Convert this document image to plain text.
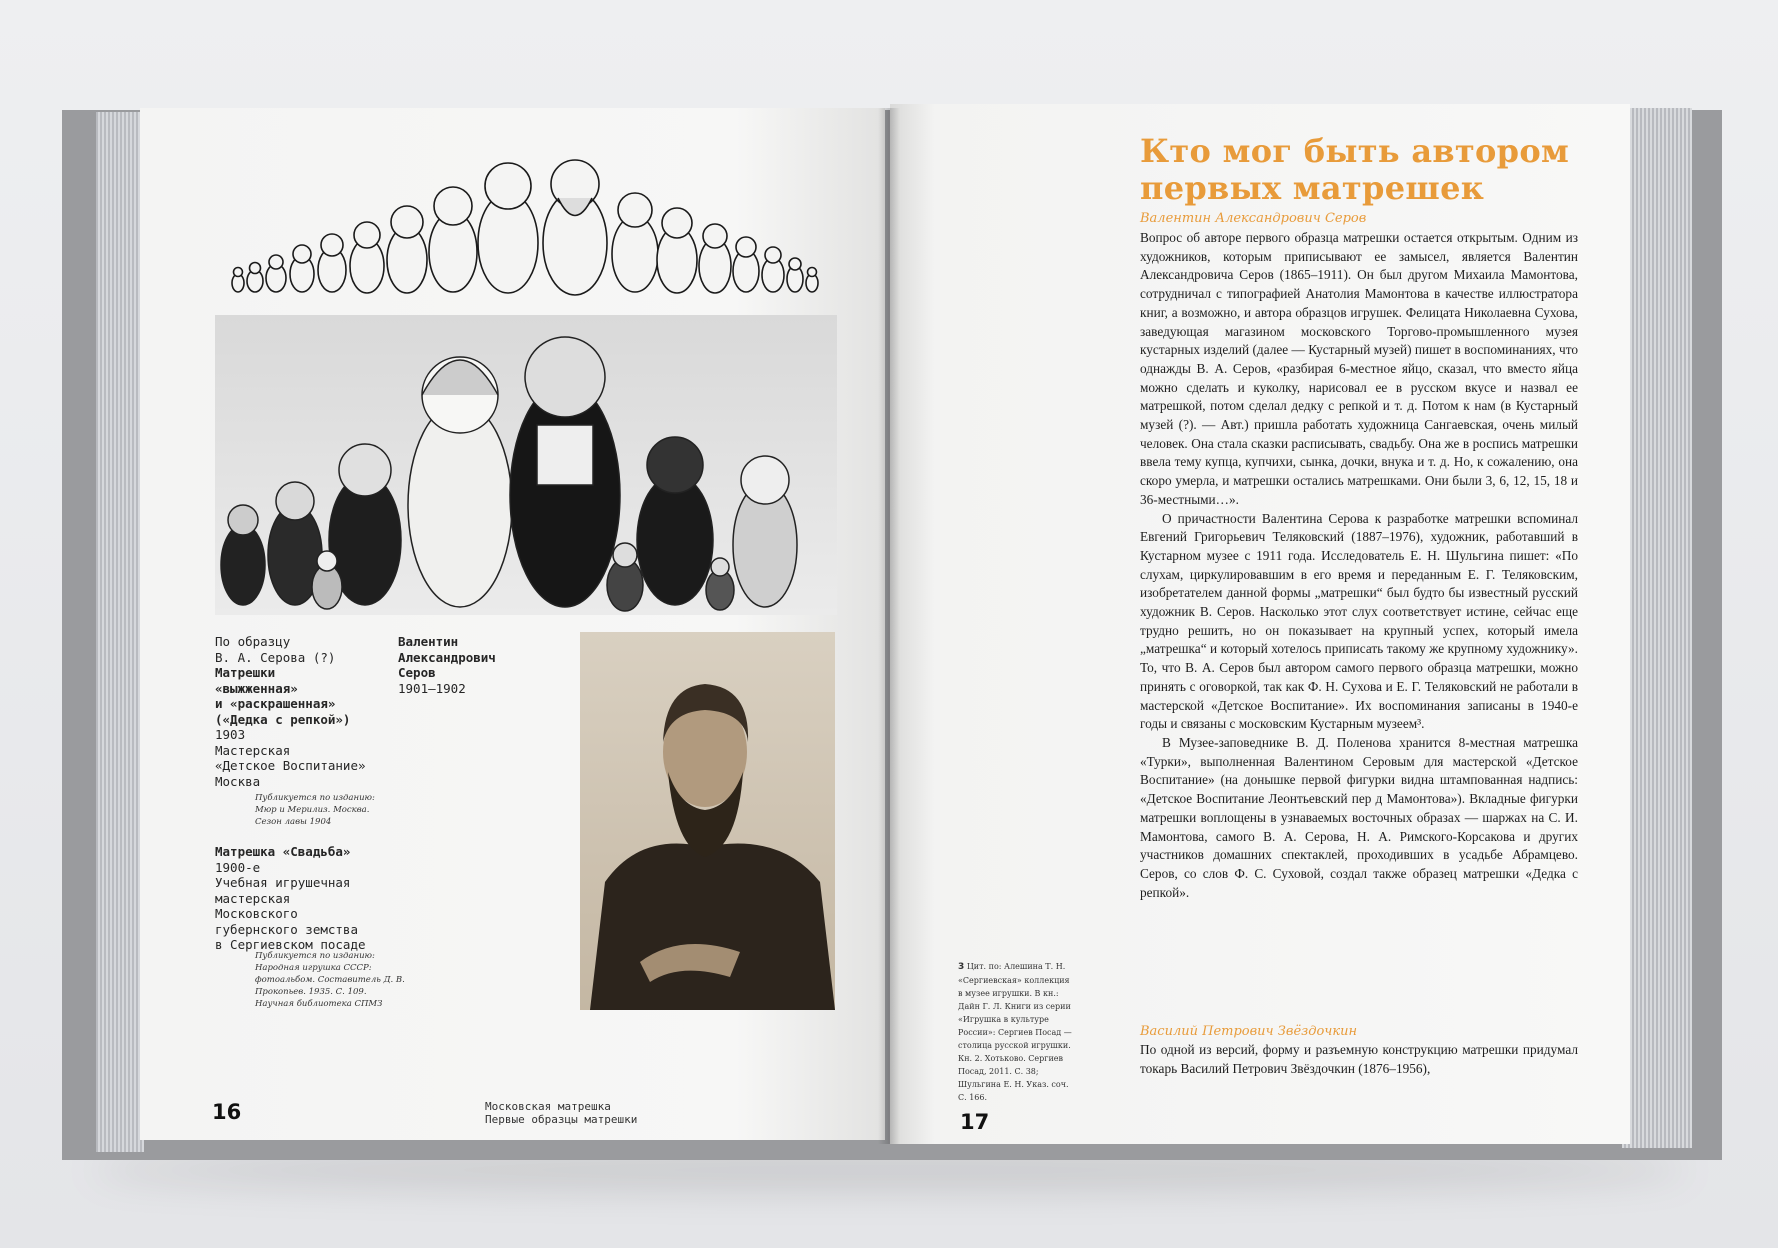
По образцу
В. А. Серова (?)
Матрешки
«выжженная»
и «раскрашенная»
(«Дедка с репкой»)
1903
Мастерская
«Детское Воспитание»
Москва
Публикуется по изданию: Мюр и Мерилиз. Москва. Сезон лавы 1904
Валентин
Александрович
Серов
1901–1902
Матрешка «Свадьба»
1900-е
Учебная игрушечная
мастерская
Московского
губернского земства
в Сергиевском посаде
Публикуется по изданию: Народная игрушка СССР: фотоальбом. Составитель Д. В. Прокопьев. 1935. С. 109. Научная библиотека СПМЗ
16	Московская матрешка
Первые образцы матрешки
Кто мог быть автором первых матрешек
Валентин Александрович Серов

Вопрос об авторе первого образца матрешки остается открытым. Одним из художников, которым приписывают ее замысел, является Валентин Александровича Серов (1865–1911). Он был другом Михаила Мамонтова, сотрудничал с типографией Анатолия Мамонтова в качестве иллюстратора книг, а возможно, и автора образцов игрушек. Фелицата Николаевна Сухова, заведующая магазином московского Торгово-промышленного музея кустарных изделий (далее — Кустарный музей) пишет в воспоминаниях, что однажды В. А. Серов, «разбирая 6-местное яйцо, сказал, что вместо яйца можно сделать и куколку, нарисовал ее в русском вкусе и назвал ее матрешкой, потом сделал дедку с репкой и т. д. Потом к нам (в Кустарный музей (?). — Авт.) пришла работать художница Сангаевская, очень милый человек. Она стала сказки расписывать, свадьбу. Она же в роспись матрешки ввела тему купца, купчихи, сынка, дочки, внука и т. д. Но, к сожалению, она скоро умерла, и матрешки остались матрешками. Они были 3, 6, 12, 15, 18 и 36-местными…».

О причастности Валентина Серова к разработке матрешки вспоминал Евгений Григорьевич Теляковский (1887–1976), художник, работавший в Кустарном музее с 1911 года. Исследователь Е. Н. Шульгина пишет: «По слухам, циркулировавшим в его время и переданным Е. Г. Теляковским, изобретателем данной формы „матрешки“ был будто бы известный русский художник В. Серов. Насколько этот слух соответствует истине, сейчас еще трудно решить, но он показывает на крупный успех, который имела „матрешка“ и который хотелось приписать такому же крупному художнику». То, что В. А. Серов был автором самого первого образца матрешки, можно принять с оговоркой, так как Ф. Н. Сухова и Е. Г. Теляковский не работали в мастерской «Детское Воспитание». Их воспоминания записаны в 1940-е годы и связаны с московским Кустарным музеем³.

В Музее-заповеднике В. Д. Поленова хранится 8-местная матрешка «Турки», выполненная Валентином Серовым для мастерской «Детское Воспитание» (на донышке первой фигурки видна штампованная надпись: «Детское Воспитание Леонтьевский пер д Мамонтова»). Вкладные фигурки матрешки воплощены в узнаваемых восточных образах — шаржах на С. И. Мамонтова, самого В. А. Серова, Н. А. Римского-Корсакова и других участников домашних спектаклей, проходивших в усадьбе Абрамцево. Серов, со слов Ф. С. Суховой, создал также образец матрешки «Дедка с репкой».

Василий Петрович Звёздочкин

По одной из версий, форму и разъемную конструкцию матрешки придумал токарь Василий Петрович Звёздочкин (1876–1956),

3 Цит. по: Алешина Т. Н. «Сергиевская» коллекция в музее игрушки. В кн.: Дайн Г. Л. Книги из серии «Игрушка в культуре России»: Сергиев Посад — столица русской игрушки. Кн. 2. Хотьково. Сергиев Посад, 2011. С. 38; Шульгина Е. Н. Указ. соч. С. 166.
17
